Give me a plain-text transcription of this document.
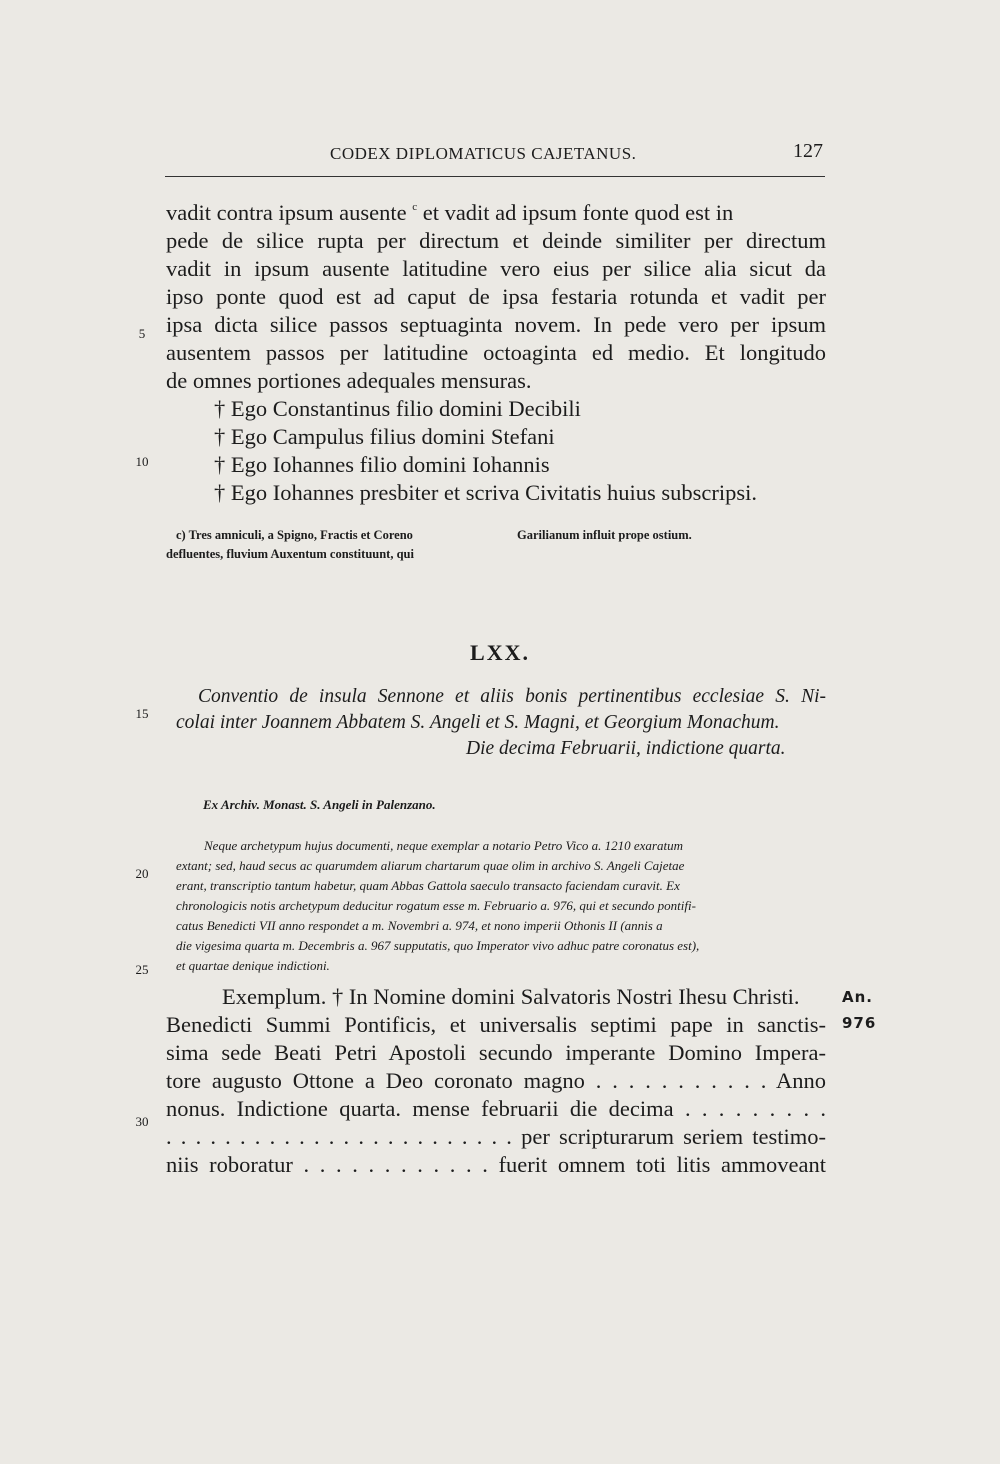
CODEX DIPLOMATICUS CAJETANUS.	127
vadit contra ipsum ausente $^c$ et vadit ad ipsum fonte quod est in
pede de silice rupta per directum et deinde similiter per directum
vadit in ipsum ausente latitudine vero eius per silice alia sicut da
ipso ponte quod est ad caput de ipsa festaria rotunda et vadit per
ipsa dicta silice passos septuaginta novem. In pede vero per ipsum
ausentem passos per latitudine octoaginta ed medio. Et longitudo
de omnes portiones adequales mensuras.
† Ego Constantinus filio domini Decibili
† Ego Campulus filius domini Stefani
† Ego Iohannes filio domini Iohannis
† Ego Iohannes presbiter et scriva Civitatis huius subscripsi.
5
10
15
20
25
30
c) Tres amniculi, a Spigno, Fractis et Coreno
defluentes, fluvium Auxentum constituunt, qui
Garilianum influit prope ostium.
LXX.
Conventio de insula Sennone et aliis bonis pertinentibus ecclesiae S. Ni-
colai inter Joannem Abbatem S. Angeli et S. Magni, et Georgium Monachum.
Die decima Februarii, indictione quarta.
Ex Archiv. Monast. S. Angeli in Palenzano.
Neque archetypum hujus documenti, neque exemplar a notario Petro Vico a. 1210 exaratum
extant; sed, haud secus ac quarumdem aliarum chartarum quae olim in archivo S. Angeli Cajetae
erant, transcriptio tantum habetur, quam Abbas Gattola saeculo transacto faciendam curavit. Ex
chronologicis notis archetypum deducitur rogatum esse m. Februario a. 976, qui et secundo pontifi-
catus Benedicti VII anno respondet a m. Novembri a. 974, et nono imperii Othonis II (annis a
die vigesima quarta m. Decembris a. 967 supputatis, quo Imperator vivo adhuc patre coronatus est),
et quartae denique indictioni.
Exemplum. † In Nomine domini Salvatoris Nostri Ihesu Christi.
Benedicti Summi Pontificis, et universalis septimi pape in sanctis-
sima sede Beati Petri Apostoli secundo imperante Domino Impera-
tore augusto Ottone a Deo coronato magno . . . . . . . . . . . Anno
nonus. Indictione quarta. mense februarii die decima . . . . . . . . .
. . . . . . . . . . . . . . . . . . . . . . . . per scripturarum seriem testimo-
niis roboratur . . . . . . . . . . . . fuerit omnem toti litis ammoveant
An.
976
